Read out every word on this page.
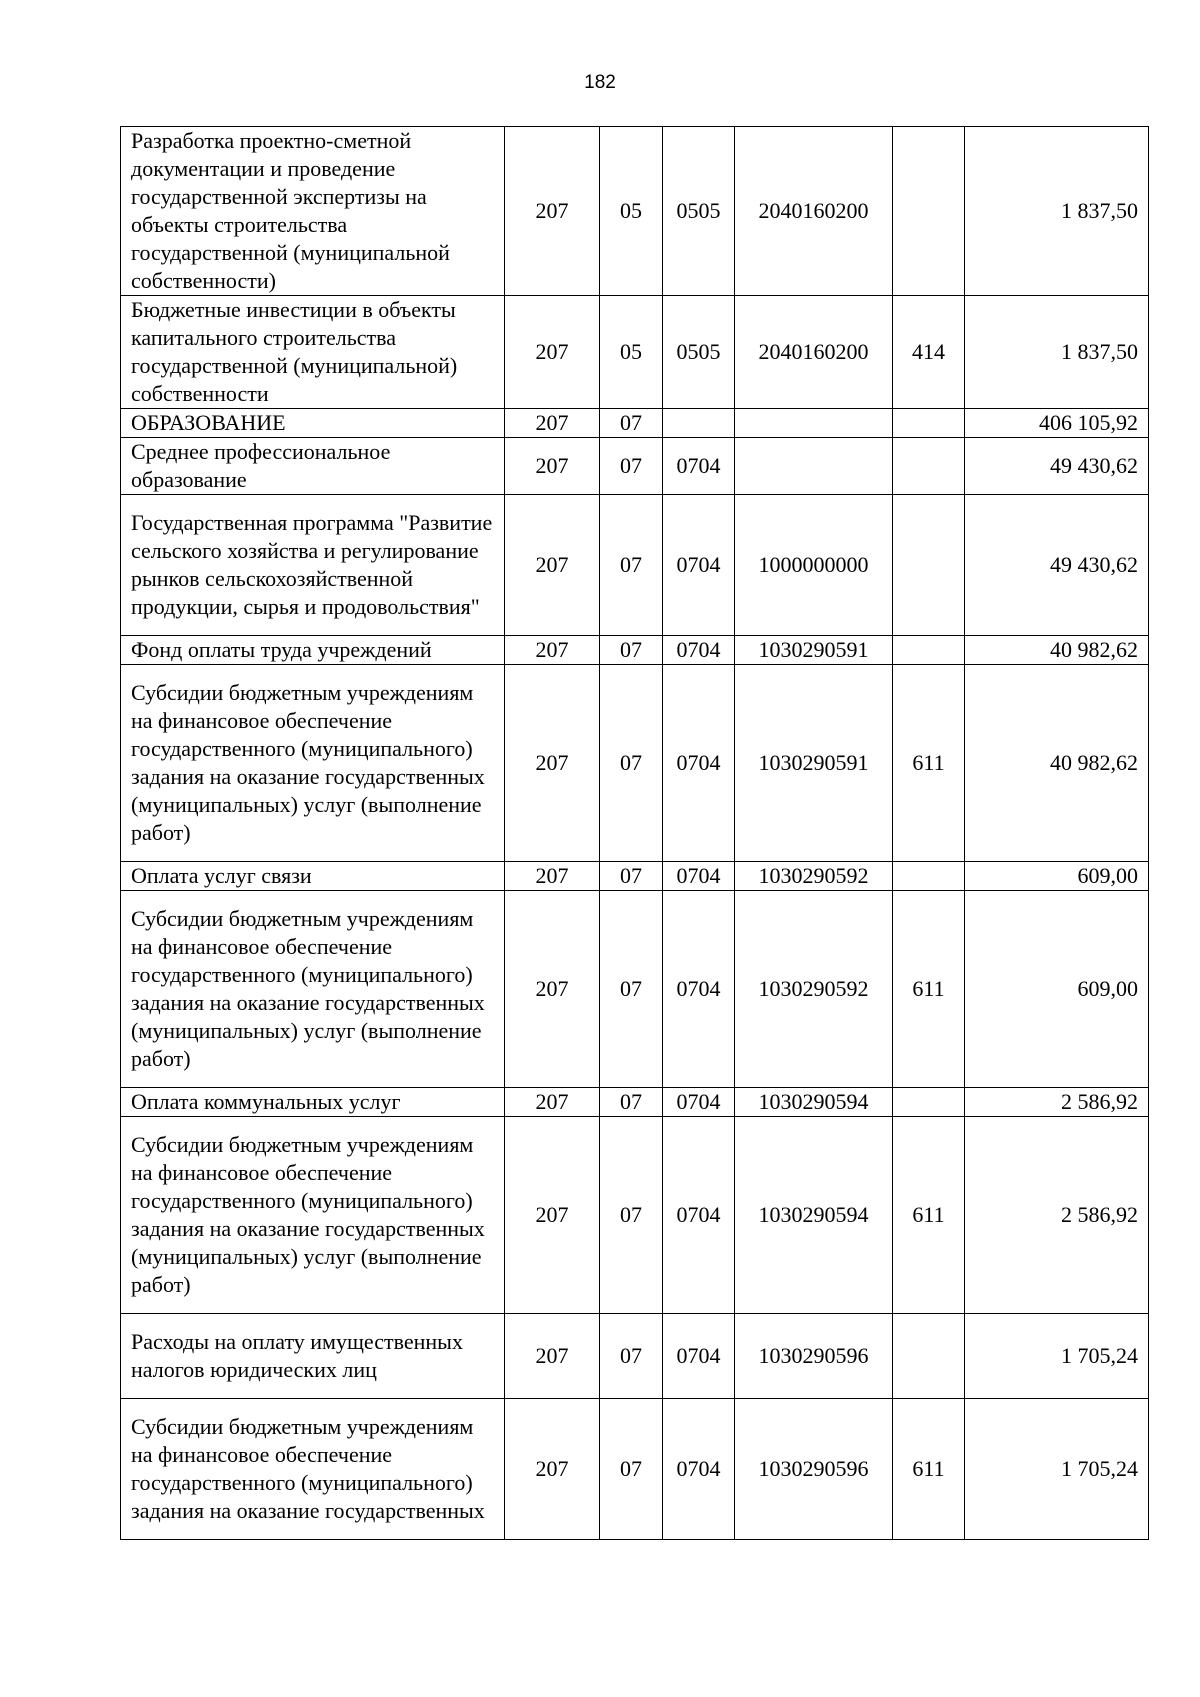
182
Разработка проектно-сметной документации и проведение государственной экспертизы на объекты строительства государственной (муниципальной собственности)	207	05	0505	2040160200		1 837,50
Бюджетные инвестиции в объекты капитального строительства государственной (муниципальной) собственности	207	05	0505	2040160200	414	1 837,50
ОБРАЗОВАНИЕ	207	07				406 105,92
Среднее профессиональное образование	207	07	0704			49 430,62
Государственная программа "Развитие сельского хозяйства и регулирование рынков сельскохозяйственной продукции, сырья и продовольствия"	207	07	0704	1000000000		49 430,62
Фонд оплаты труда учреждений	207	07	0704	1030290591		40 982,62
Субсидии бюджетным учреждениям на финансовое обеспечение государственного (муниципального) задания на оказание государственных (муниципальных) услуг (выполнение работ)	207	07	0704	1030290591	611	40 982,62
Оплата услуг связи	207	07	0704	1030290592		609,00
Субсидии бюджетным учреждениям на финансовое обеспечение государственного (муниципального) задания на оказание государственных (муниципальных) услуг (выполнение работ)	207	07	0704	1030290592	611	609,00
Оплата коммунальных услуг	207	07	0704	1030290594		2 586,92
Субсидии бюджетным учреждениям на финансовое обеспечение государственного (муниципального) задания на оказание государственных (муниципальных) услуг (выполнение работ)	207	07	0704	1030290594	611	2 586,92
Расходы на оплату имущественных налогов юридических лиц	207	07	0704	1030290596		1 705,24
Субсидии бюджетным учреждениям на финансовое обеспечение государственного (муниципального) задания на оказание государственных	207	07	0704	1030290596	611	1 705,24
